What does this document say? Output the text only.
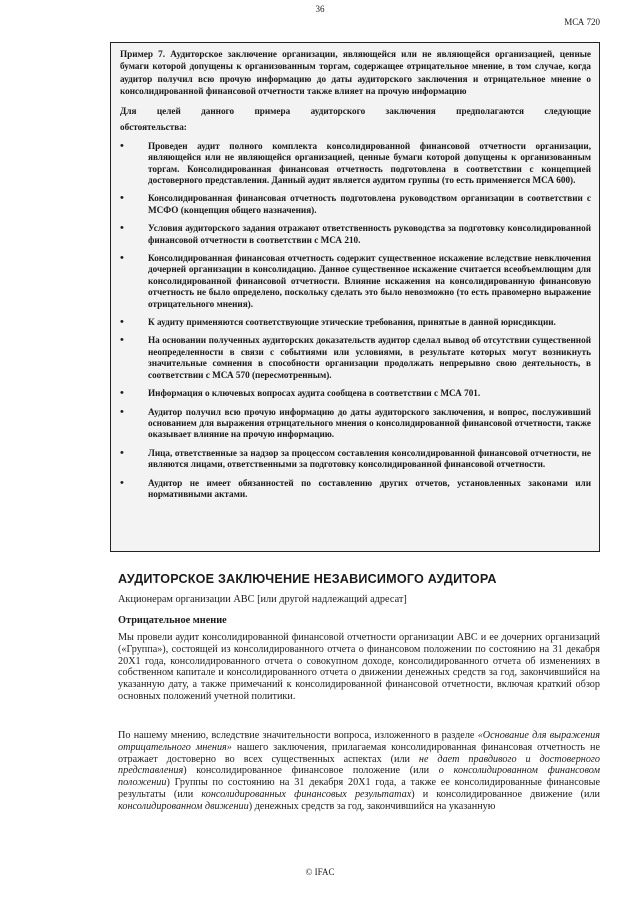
36
МСА 720

Пример 7. Аудиторское заключение организации, являющейся или не являющейся организацией, ценные бумаги которой допущены к организованным торгам, содержащее отрицательное мнение, в том случае, когда аудитор получил всю прочую информацию до даты аудиторского заключения и отрицательное мнение о консолидированной финансовой отчетности также влияет на прочую информацию

Для целей данного примера аудиторского заключения предполагаются следующие

обстоятельства:

• Проведен аудит полного комплекта консолидированной финансовой отчетности организации, являющейся или не являющейся организацией, ценные бумаги которой допущены к организованным торгам. Консолидированная финансовая отчетность подготовлена в соответствии с концепцией достоверного представления. Данный аудит является аудитом группы (то есть применяется МСА 600).
• Консолидированная финансовая отчетность подготовлена руководством организации в соответствии с МСФО (концепция общего назначения).
• Условия аудиторского задания отражают ответственность руководства за подготовку консолидированной финансовой отчетности в соответствии с МСА 210.
• Консолидированная финансовая отчетность содержит существенное искажение вследствие невключения дочерней организации в консолидацию. Данное существенное искажение считается всеобъемлющим для консолидированной финансовой отчетности. Влияние искажения на консолидированную финансовую отчетность не было определено, поскольку сделать это было невозможно (то есть правомерно выражение отрицательного мнения).
• К аудиту применяются соответствующие этические требования, принятые в данной юрисдикции.
• На основании полученных аудиторских доказательств аудитор сделал вывод об отсутствии существенной неопределенности в связи с событиями или условиями, в результате которых могут возникнуть значительные сомнения в способности организации продолжать непрерывно свою деятельность, в соответствии с МСА 570 (пересмотренным).
• Информация о ключевых вопросах аудита сообщена в соответствии с МСА 701.
• Аудитор получил всю прочую информацию до даты аудиторского заключения, и вопрос, послуживший основанием для выражения отрицательного мнения о консолидированной финансовой отчетности, также оказывает влияние на прочую информацию.
• Лица, ответственные за надзор за процессом составления консолидированной финансовой отчетности, не являются лицами, ответственными за подготовку консолидированной финансовой отчетности.
• Аудитор не имеет обязанностей по составлению других отчетов, установленных законами или нормативными актами.
АУДИТОРСКОЕ ЗАКЛЮЧЕНИЕ НЕЗАВИСИМОГО АУДИТОРА
Акционерам организации ABC [или другой надлежащий адресат]
Отрицательное мнение

Мы провели аудит консолидированной финансовой отчетности организации ABC и ее дочерних организаций («Группа»), состоящей из консолидированного отчета о финансовом положении по состоянию на 31 декабря 20X1 года, консолидированного отчета о совокупном доходе, консолидированного отчета об изменениях в собственном капитале и консолидированного отчета о движении денежных средств за год, закончившийся на указанную дату, а также примечаний к консолидированной финансовой отчетности, включая краткий обзор основных положений учетной политики.

По нашему мнению, вследствие значительности вопроса, изложенного в разделе «Основание для выражения отрицательного мнения» нашего заключения, прилагаемая консолидированная финансовая отчетность не отражает достоверно во всех существенных аспектах (или не дает правдивого и достоверного представления) консолидированное финансовое положение (или о консолидированном финансовом положении) Группы по состоянию на 31 декабря 20X1 года, а также ее консолидированные финансовые результаты (или консолидированных финансовых результатах) и консолидированное движение (или консолидированном движении) денежных средств за год, закончившийся на указанную

© IFAC
